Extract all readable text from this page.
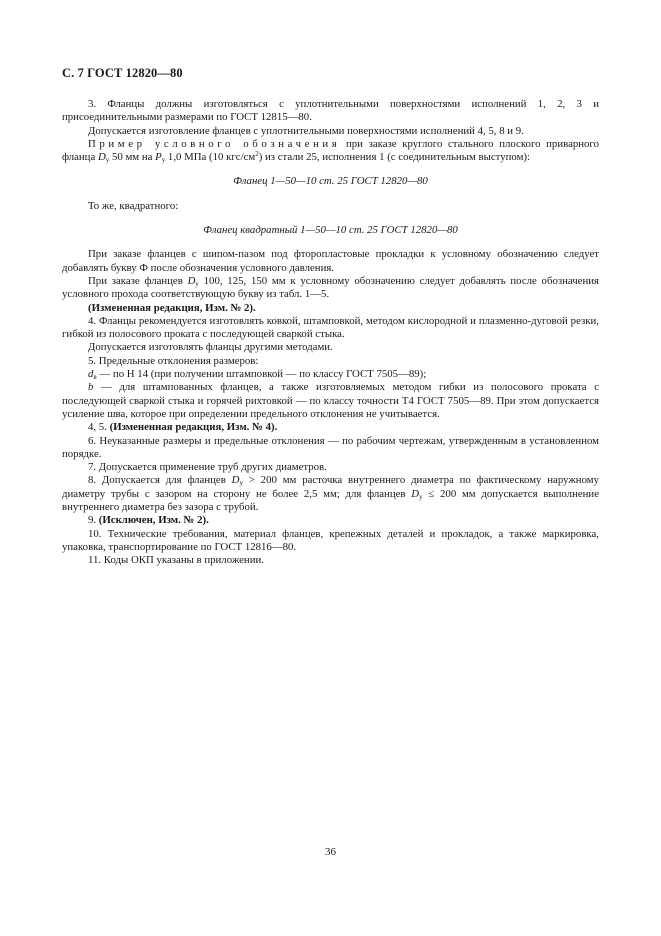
С. 7 ГОСТ 12820—80

3. Фланцы должны изготовляться с уплотнительными поверхностями исполнений 1, 2, 3 и присоединительными размерами по ГОСТ 12815—80.

Допускается изготовление фланцев с уплотнительными поверхностями исполнений 4, 5, 8 и 9.

Пример условного обозначения при заказе круглого стального плоского приварного фланца $D_у$ 50 мм на $P_у$ 1,0 МПа (10 кгс/$см^2$) из стали 25, исполнения 1 (с соединительным выступом):

Фланец 1—50—10 ст. 25 ГОСТ 12820—80

То же, квадратного:

Фланец квадратный 1—50—10 ст. 25 ГОСТ 12820—80

При заказе фланцев с шипом-пазом под фторопластовые прокладки к условному обозначению следует добавлять букву Ф после обозначения условного давления.

При заказе фланцев $D_у$ 100, 125, 150 мм к условному обозначению следует добавлять после обозначения условного прохода соответствующую букву из табл. 1—5.

(Измененная редакция, Изм. № 2).

4. Фланцы рекомендуется изготовлять ковкой, штамповкой, методом кислородной и плазменно-дуговой резки, гибкой из полосового проката с последующей сваркой стыка.

Допускается изготовлять фланцы другими методами.

5. Предельные отклонения размеров:

$d_в$ — по Н 14 (при получении штамповкой — по классу ГОСТ 7505—89);

b — для штампованных фланцев, а также изготовляемых методом гибки из полосового проката с последующей сваркой стыка и горячей рихтовкой — по классу точности Т4 ГОСТ 7505—89. При этом допускается усиление шва, которое при определении предельного отклонения не учитывается.

4, 5. (Измененная редакция, Изм. № 4).

6. Неуказанные размеры и предельные отклонения — по рабочим чертежам, утвержденным в установленном порядке.

7. Допускается применение труб других диаметров.

8. Допускается для фланцев $D_у > 200$ мм расточка внутреннего диаметра по фактическому наружному диаметру трубы с зазором на сторону не более 2,5 мм; для фланцев $D_у \le 200$ мм допускается выполнение внутреннего диаметра без зазора с трубой.

9. (Исключен, Изм. № 2).

10. Технические требования, материал фланцев, крепежных деталей и прокладок, а также маркировка, упаковка, транспортирование по ГОСТ 12816—80.

11. Коды ОКП указаны в приложении.

36
